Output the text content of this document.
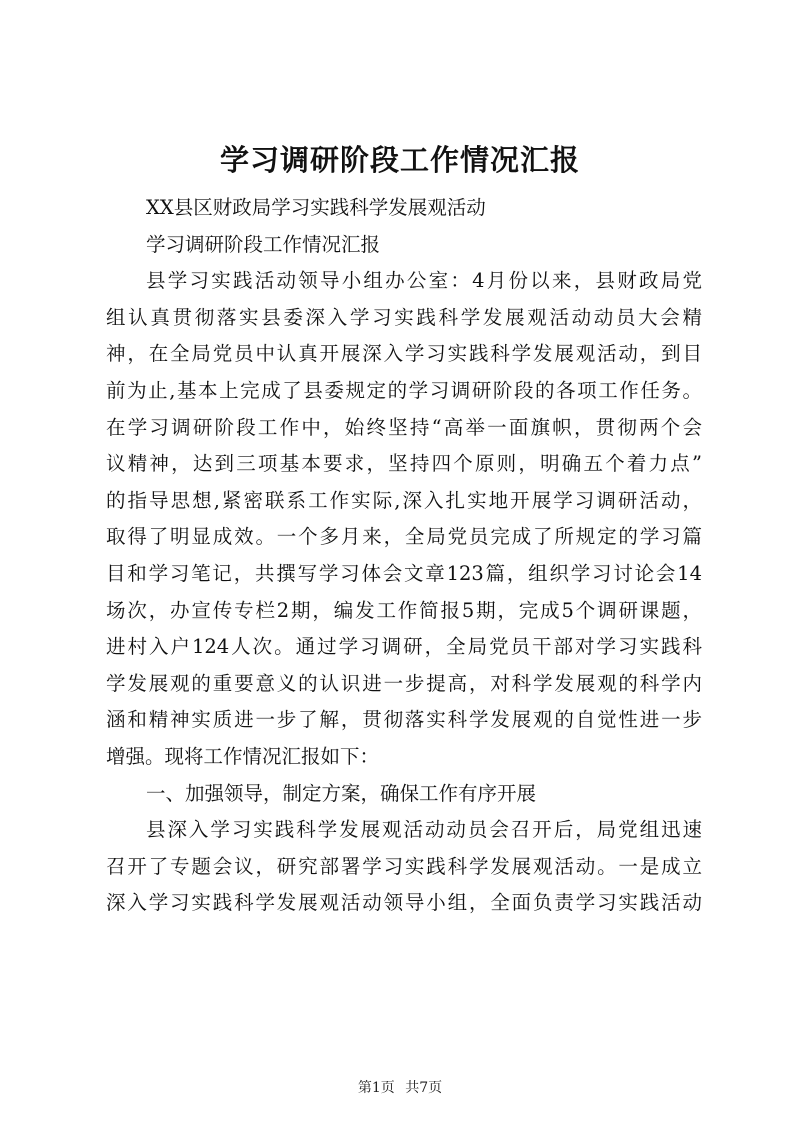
学习调研阶段工作情况汇报
XX县区财政局学习实践科学发展观活动
学习调研阶段工作情况汇报
县学习实践活动领导小组办公室：4月份以来，县财政局党
组认真贯彻落实县委深入学习实践科学发展观活动动员大会精
神，在全局党员中认真开展深入学习实践科学发展观活动，到目
前为止,基本上完成了县委规定的学习调研阶段的各项工作任务。
在学习调研阶段工作中，始终坚持“高举一面旗帜，贯彻两个会
议精神，达到三项基本要求，坚持四个原则，明确五个着力点”
的指导思想,紧密联系工作实际,深入扎实地开展学习调研活动，
取得了明显成效。一个多月来，全局党员完成了所规定的学习篇
目和学习笔记，共撰写学习体会文章123篇，组织学习讨论会14
场次，办宣传专栏2期，编发工作简报5期，完成5个调研课题，
进村入户124人次。通过学习调研，全局党员干部对学习实践科
学发展观的重要意义的认识进一步提高，对科学发展观的科学内
涵和精神实质进一步了解，贯彻落实科学发展观的自觉性进一步
增强。现将工作情况汇报如下：
一、加强领导，制定方案，确保工作有序开展
县深入学习实践科学发展观活动动员会召开后，局党组迅速
召开了专题会议，研究部署学习实践科学发展观活动。一是成立
深入学习实践科学发展观活动领导小组，全面负责学习实践活动
第1页 共7页
